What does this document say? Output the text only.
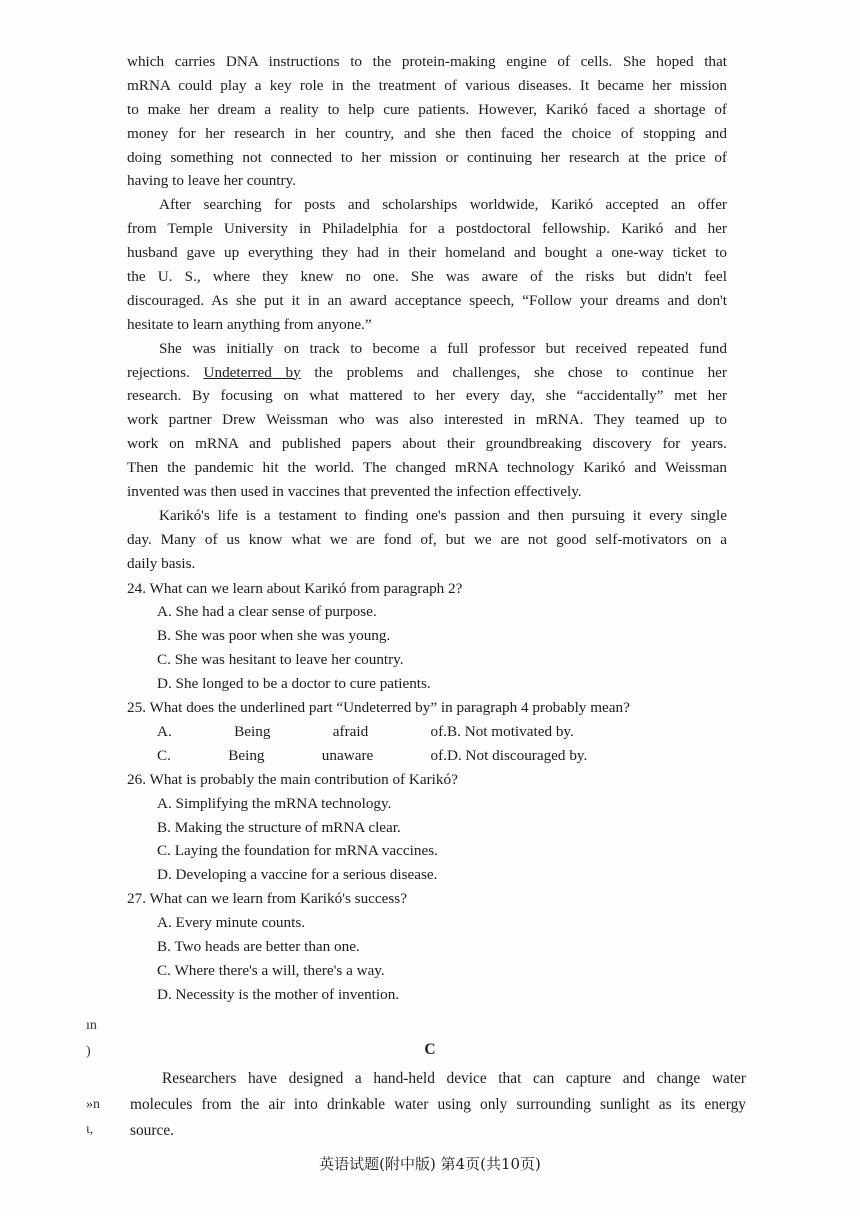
which carries DNA instructions to the protein-making engine of cells. She hoped that
mRNA could play a key role in the treatment of various diseases. It became her mission
to make her dream a reality to help cure patients. However, Karikó faced a shortage of
money for her research in her country, and she then faced the choice of stopping and
doing something not connected to her mission or continuing her research at the price of
having to leave her country.
After searching for posts and scholarships worldwide, Karikó accepted an offer
from Temple University in Philadelphia for a postdoctoral fellowship. Karikó and her
husband gave up everything they had in their homeland and bought a one-way ticket to
the U. S., where they knew no one. She was aware of the risks but didn't feel
discouraged. As she put it in an award acceptance speech, “Follow your dreams and don't
hesitate to learn anything from anyone.”
She was initially on track to become a full professor but received repeated fund
rejections. Undeterred by the problems and challenges, she chose to continue her
research. By focusing on what mattered to her every day, she “accidentally” met her
work partner Drew Weissman who was also interested in mRNA. They teamed up to
work on mRNA and published papers about their groundbreaking discovery for years.
Then the pandemic hit the world. The changed mRNA technology Karikó and Weissman
invented was then used in vaccines that prevented the infection effectively.
Karikó's life is a testament to finding one's passion and then pursuing it every single
day. Many of us know what we are fond of, but we are not good self-motivators on a
daily basis.
24. What can we learn about Karikó from paragraph 2?
A. She had a clear sense of purpose.
B. She was poor when she was young.
C. She was hesitant to leave her country.
D. She longed to be a doctor to cure patients.
25. What does the underlined part “Undeterred by” in paragraph 4 probably mean?
A. Being afraid of. B. Not motivated by.
C. Being unaware of. D. Not discouraged by.
26. What is probably the main contribution of Karikó?
A. Simplifying the mRNA technology.
B. Making the structure of mRNA clear.
C. Laying the foundation for mRNA vaccines.
D. Developing a vaccine for a serious disease.
27. What can we learn from Karikó's success?
A. Every minute counts.
B. Two heads are better than one.
C. Where there's a will, there's a way.
D. Necessity is the mother of invention.
C
Researchers have designed a hand-held device that can capture and change water
molecules from the air into drinkable water using only surrounding sunlight as its energy
source.
ın
)
»n
ι,
英语试题(附中版) 第4页(共10页)
